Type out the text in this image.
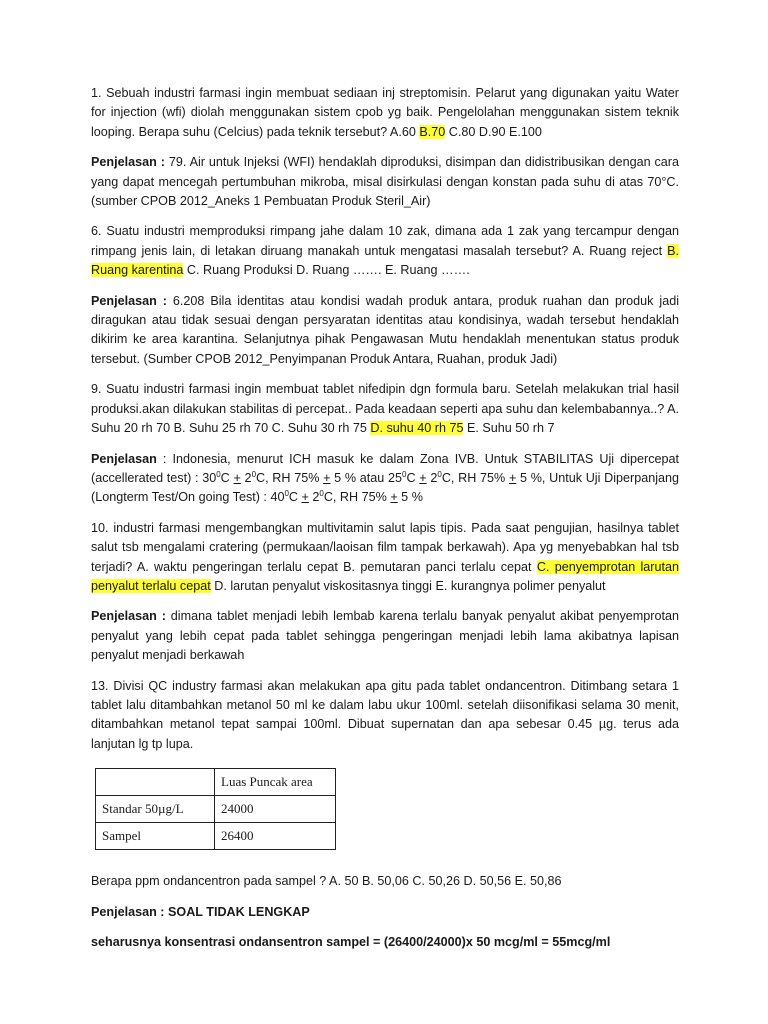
1. Sebuah industri farmasi ingin membuat sediaan inj streptomisin. Pelarut yang digunakan yaitu Water for injection (wfi) diolah menggunakan sistem cpob yg baik. Pengelolahan menggunakan sistem teknik looping. Berapa suhu (Celcius) pada teknik tersebut? A.60 B.70 C.80 D.90 E.100

Penjelasan : 79. Air untuk Injeksi (WFI) hendaklah diproduksi, disimpan dan didistribusikan dengan cara yang dapat mencegah pertumbuhan mikroba, misal disirkulasi dengan konstan pada suhu di atas 70°C. (sumber CPOB 2012_Aneks 1 Pembuatan Produk Steril_Air)

6. Suatu industri memproduksi rimpang jahe dalam 10 zak, dimana ada 1 zak yang tercampur dengan rimpang jenis lain, di letakan diruang manakah untuk mengatasi masalah tersebut? A. Ruang reject B. Ruang karentina C. Ruang Produksi D. Ruang ……. E. Ruang …….

Penjelasan : 6.208 Bila identitas atau kondisi wadah produk antara, produk ruahan dan produk jadi diragukan atau tidak sesuai dengan persyaratan identitas atau kondisinya, wadah tersebut hendaklah dikirim ke area karantina. Selanjutnya pihak Pengawasan Mutu hendaklah menentukan status produk tersebut. (Sumber CPOB 2012_Penyimpanan Produk Antara, Ruahan, produk Jadi)

9. Suatu industri farmasi ingin membuat tablet nifedipin dgn formula baru. Setelah melakukan trial hasil produksi.akan dilakukan stabilitas di percepat.. Pada keadaan seperti apa suhu dan kelembabannya..? A. Suhu 20 rh 70 B. Suhu 25 rh 70 C. Suhu 30 rh 75 D. suhu 40 rh 75 E. Suhu 50 rh 7

Penjelasan : Indonesia, menurut ICH masuk ke dalam Zona IVB. Untuk STABILITAS Uji dipercepat (accellerated test) : $30^0C + 2^0C$, RH 75% + 5 % atau $25^0C + 2^0C$, RH 75% + 5 %, Untuk Uji Diperpanjang (Longterm Test/On going Test) : $40^0C + 2^0C$, RH 75% + 5 %

10. industri farmasi mengembangkan multivitamin salut lapis tipis. Pada saat pengujian, hasilnya tablet salut tsb mengalami cratering (permukaan/laoisan film tampak berkawah). Apa yg menyebabkan hal tsb terjadi? A. waktu pengeringan terlalu cepat B. pemutaran panci terlalu cepat C. penyemprotan larutan penyalut terlalu cepat D. larutan penyalut viskositasnya tinggi E. kurangnya polimer penyalut

Penjelasan : dimana tablet menjadi lebih lembab karena terlalu banyak penyalut akibat penyemprotan penyalut yang lebih cepat pada tablet sehingga pengeringan menjadi lebih lama akibatnya lapisan penyalut menjadi berkawah

13. Divisi QC industry farmasi akan melakukan apa gitu pada tablet ondancentron. Ditimbang setara 1 tablet lalu ditambahkan metanol 50 ml ke dalam labu ukur 100ml. setelah diisonifikasi selama 30 menit, ditambahkan metanol tepat sampai 100ml. Dibuat supernatan dan apa sebesar 0.45 µg. terus ada lanjutan lg tp lupa.

	Luas Puncak area
Standar 50µg/L	24000
Sampel	26400

Berapa ppm ondancentron pada sampel ? A. 50 B. 50,06 C. 50,26 D. 50,56 E. 50,86

Penjelasan : SOAL TIDAK LENGKAP

seharusnya konsentrasi ondansentron sampel = (26400/24000)x 50 mcg/ml = 55mcg/ml
